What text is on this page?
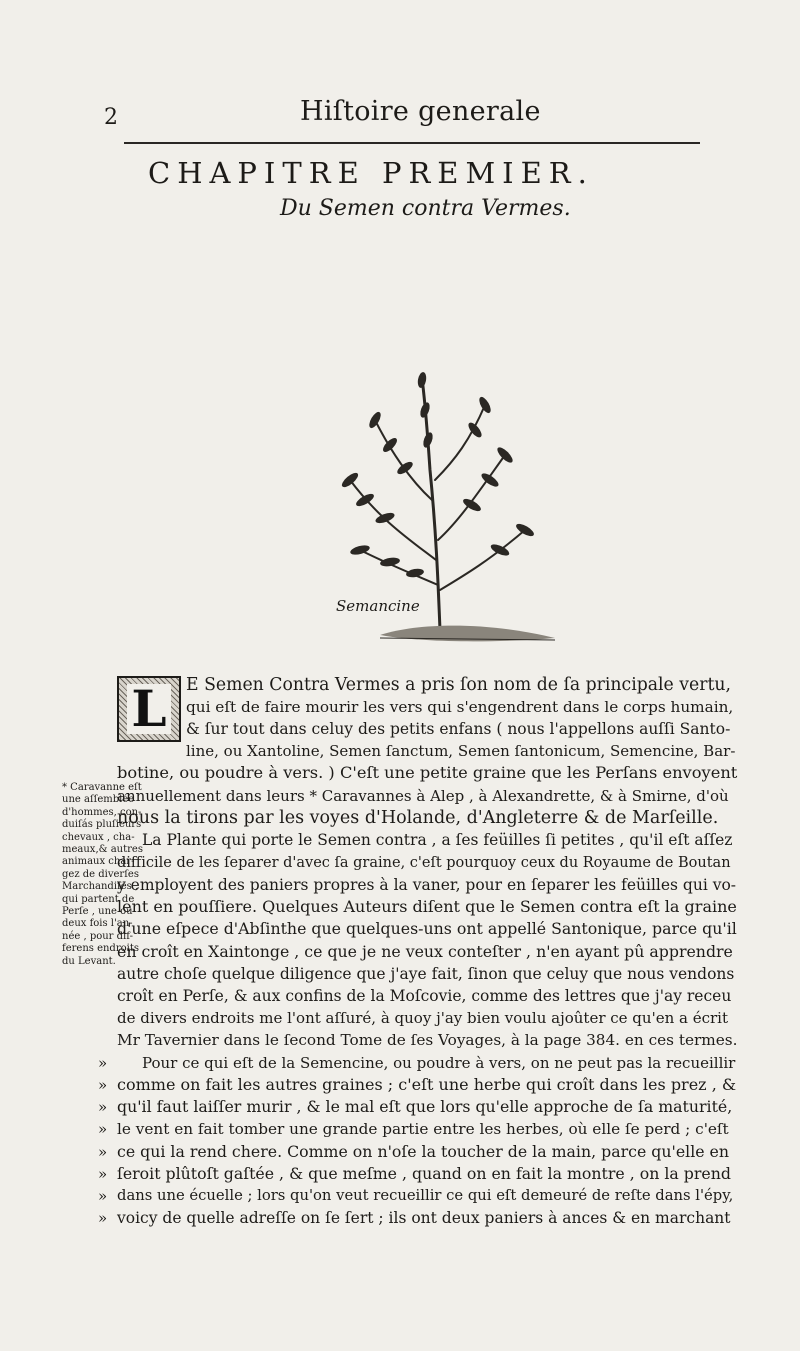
2	Hiſtoire generale
CHAPITRE PREMIER.
Du Semen contra Vermes.
Semancine
L
* Caravanne eſt
une aſſemblée
d'hommes, con-
duiſás pluſieurs
chevaux , cha-
meaux,& autres
animaux char-
gez de diverſes
Marchandiſes ,
qui partent de
Perſe , une ou
deux fois l'an-
née , pour dif-
ferens endroits
du Levant.
E Semen Contra Vermes a pris ſon nom de ſa principale vertu,
qui eſt de faire mourir les vers qui s'engendrent dans le corps humain,
& ſur tout dans celuy des petits enfans ( nous l'appellons auſſi Santo-
line, ou Xantoline, Semen ſanctum, Semen ſantonicum, Semencine, Bar-
botine, ou poudre à vers. ) C'eſt une petite graine que les Perſans envoyent
annuellement dans leurs * Caravannes à Alep , à Alexandrette, & à Smirne, d'où
nous la tirons par les voyes d'Holande, d'Angleterre & de Marſeille.
La Plante qui porte le Semen contra , a ſes feüilles ſi petites , qu'il eſt aſſez
difficile de les ſeparer d'avec ſa graine, c'eſt pourquoy ceux du Royaume de Boutan
y employent des paniers propres à la vaner, pour en ſeparer les feüilles qui vo-
lent en pouſſiere. Quelques Auteurs diſent que le Semen contra eſt la graine
d'une eſpece d'Abſinthe que quelques-uns ont appellé Santonique, parce qu'il
en croît en Xaintonge , ce que je ne veux conteſter , n'en ayant pû apprendre
autre choſe quelque diligence que j'aye fait, ſinon que celuy que nous vendons
croît en Perſe, & aux confins de la Moſcovie, comme des lettres que j'ay receu
de divers endroits me l'ont aſſuré, à quoy j'ay bien voulu ajoûter ce qu'en a écrit
Mr Tavernier dans le ſecond Tome de ſes Voyages, à la page 384. en ces termes.
Pour ce qui eſt de la Semencine, ou poudre à vers, on ne peut pas la recueillir
»
comme on fait les autres graines ; c'eſt une herbe qui croît dans les prez , &
»
qu'il faut laiſſer murir , & le mal eſt que lors qu'elle approche de ſa maturité,
»
le vent en fait tomber une grande partie entre les herbes, où elle ſe perd ; c'eſt
»
ce qui la rend chere. Comme on n'oſe la toucher de la main, parce qu'elle en
»
ſeroit plûtoſt gaſtée , & que meſme , quand on en fait la montre , on la prend
»
dans une écuelle ; lors qu'on veut recueillir ce qui eſt demeuré de reſte dans l'épy,
»
voicy de quelle adreſſe on ſe ſert ; ils ont deux paniers à ances & en marchant
»
